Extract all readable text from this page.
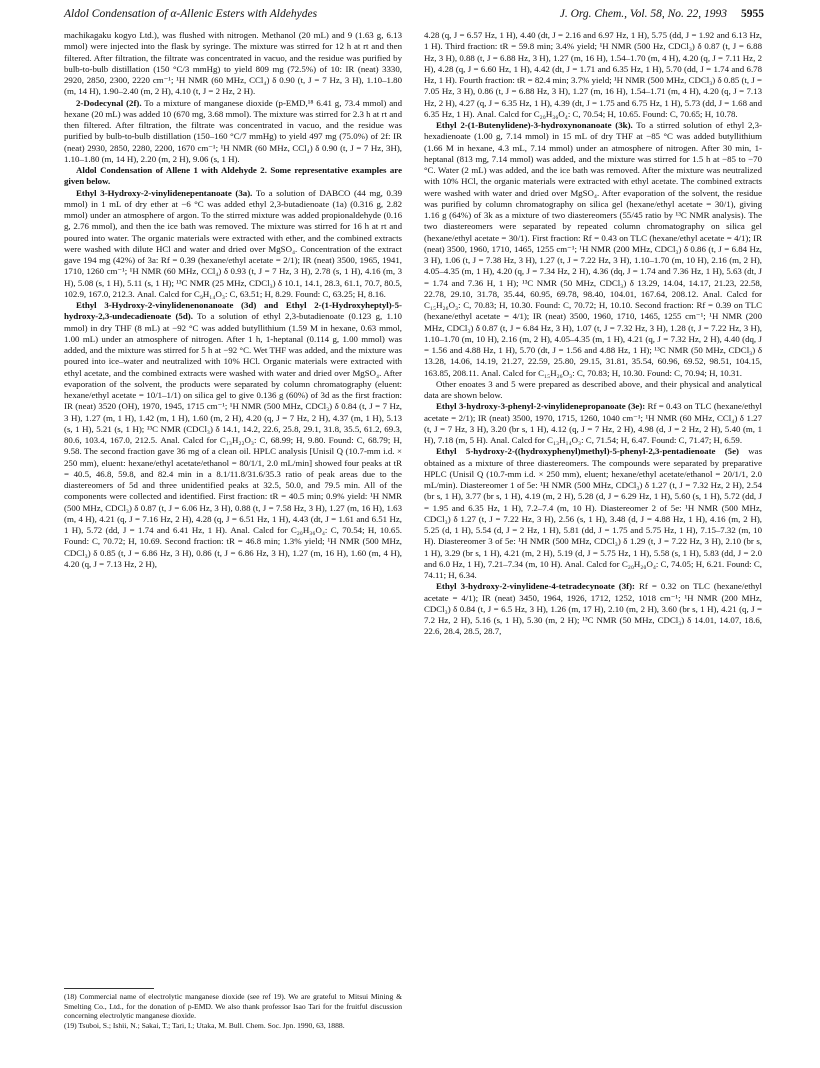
Aldol Condensation of α-Allenic Esters with Aldehydes	J. Org. Chem., Vol. 58, No. 22, 1993 5955

machikagaku kogyo Ltd.), was flushed with nitrogen. Methanol (20 mL) and 9 (1.63 g, 6.13 mmol) were injected into the flask by syringe. The mixture was stirred for 12 h at rt and then filtered. After filtration, the filtrate was concentrated in vacuo, and the residue was purified by bulb-to-bulb distillation (150 °C/3 mmHg) to yield 809 mg (72.5%) of 10: IR (neat) 3330, 2920, 2850, 2300, 2220 cm⁻¹; ¹H NMR (60 MHz, CCl₄) δ 0.90 (t, J = 7 Hz, 3 H), 1.10–1.80 (m, 14 H), 1.90–2.40 (m, 2 H), 4.10 (t, J = 2 Hz, 2 H).

2-Dodecynal (2f). To a mixture of manganese dioxide (p-EMD,¹⁸ 6.41 g, 73.4 mmol) and hexane (20 mL) was added 10 (670 mg, 3.68 mmol). The mixture was stirred for 2.3 h at rt and then filtered. After filtration, the filtrate was concentrated in vacuo, and the residue was purified by bulb-to-bulb distillation (150–160 °C/7 mmHg) to yield 497 mg (75.0%) of 2f: IR (neat) 2930, 2850, 2280, 2200, 1670 cm⁻¹; ¹H NMR (60 MHz, CCl₄) δ 0.90 (t, J = 7 Hz, 3H), 1.10–1.80 (m, 14 H), 2.20 (m, 2 H), 9.06 (s, 1 H).

Aldol Condensation of Allene 1 with Aldehyde 2. Some representative examples are given below.

Ethyl 3-Hydroxy-2-vinylidenepentanoate (3a). To a solution of DABCO (44 mg, 0.39 mmol) in 1 mL of dry ether at −6 °C was added ethyl 2,3-butadienoate (1a) (0.316 g, 2.82 mmol) under an atmosphere of argon. To the stirred mixture was added propionaldehyde (0.16 g, 2.76 mmol), and then the ice bath was removed. The mixture was stirred for 16 h at rt and poured into water. The organic materials were extracted with ether, and the combined extracts were washed with dilute HCl and water and dried over MgSO₄. Concentration of the extract gave 194 mg (42%) of 3a: Rf = 0.39 (hexane/ethyl acetate = 2/1); IR (neat) 3500, 1965, 1941, 1710, 1260 cm⁻¹; ¹H NMR (60 MHz, CCl₄) δ 0.93 (t, J = 7 Hz, 3 H), 2.78 (s, 1 H), 4.16 (m, 3 H), 5.08 (s, 1 H), 5.11 (s, 1 H); ¹³C NMR (25 MHz, CDCl₃) δ 10.1, 14.1, 28.3, 61.1, 70.7, 80.5, 102.9, 167.0, 212.3. Anal. Calcd for C₉H₁₄O₃: C, 63.51; H, 8.29. Found: C, 63.25; H, 8.16.

Ethyl 3-Hydroxy-2-vinylidenenonanoate (3d) and Ethyl 2-(1-Hydroxyheptyl)-5-hydroxy-2,3-undecadienoate (5d). To a solution of ethyl 2,3-butadienoate (0.123 g, 1.10 mmol) in dry THF (8 mL) at −92 °C was added butyllithium (1.59 M in hexane, 0.63 mmol, 1.00 mL) under an atmosphere of nitrogen. After 1 h, 1-heptanal (0.114 g, 1.00 mmol) was added, and the mixture was stirred for 5 h at −92 °C. Wet THF was added, and the mixture was poured into ice–water and neutralized with 10% HCl. Organic materials were extracted with ethyl acetate, and the combined extracts were washed with water and dried over MgSO₄. After evaporation of the solvent, the products were separated by column chromatography (eluent: hexane/ethyl acetate = 10/1–1/1) on silica gel to give 0.136 g (60%) of 3d as the first fraction: IR (neat) 3520 (OH), 1970, 1945, 1715 cm⁻¹; ¹H NMR (500 MHz, CDCl₃) δ 0.84 (t, J = 7 Hz, 3 H), 1.27 (m, 1 H), 1.42 (m, 1 H), 1.60 (m, 2 H), 4.20 (q, J = 7 Hz, 2 H), 4.37 (m, 1 H), 5.13 (s, 1 H), 5.21 (s, 1 H); ¹³C NMR (CDCl₃) δ 14.1, 14.2, 22.6, 25.8, 29.1, 31.8, 35.5, 61.2, 69.3, 80.6, 103.4, 167.0, 212.5. Anal. Calcd for C₁₃H₂₂O₃: C, 68.99; H, 9.80. Found: C, 68.79; H, 9.58. The second fraction gave 36 mg of a clean oil. HPLC analysis [Unisil Q (10.7-mm i.d. × 250 mm), eluent: hexane/ethyl acetate/ethanol = 80/1/1, 2.0 mL/min] showed four peaks at tR = 40.5, 46.8, 59.8, and 82.4 min in a 8.1/11.8/31.6/35.3 ratio of peak areas due to the diastereomers of 5d and three unidentified peaks at 32.5, 50.0, and 79.5 min. All of the components were collected and identified. First fraction: tR = 40.5 min; 0.9% yield: ¹H NMR (500 MHz, CDCl₃) δ 0.87 (t, J = 6.06 Hz, 3 H), 0.88 (t, J = 7.58 Hz, 3 H), 1.27 (m, 16 H), 1.63 (m, 4 H), 4.21 (q, J = 7.16 Hz, 2 H), 4.28 (q, J = 6.51 Hz, 1 H), 4.43 (dt, J = 1.61 and 6.51 Hz, 1 H), 5.72 (dd, J = 1.74 and 6.41 Hz, 1 H). Anal. Calcd for C₂₀H₃₆O₄: C, 70.54; H, 10.65. Found: C, 70.72; H, 10.69. Second fraction: tR = 46.8 min; 1.3% yield; ¹H NMR (500 MHz, CDCl₃) δ 0.85 (t, J = 6.86 Hz, 3 H), 0.86 (t, J = 6.86 Hz, 3 H), 1.27 (m, 16 H), 1.60 (m, 4 H), 4.20 (q, J = 7.13 Hz, 2 H),

4.28 (q, J = 6.57 Hz, 1 H), 4.40 (dt, J = 2.16 and 6.97 Hz, 1 H), 5.75 (dd, J = 1.92 and 6.13 Hz, 1 H). Third fraction: tR = 59.8 min; 3.4% yield; ¹H NMR (500 Hz, CDCl₃) δ 0.87 (t, J = 6.88 Hz, 3 H), 0.88 (t, J = 6.88 Hz, 3 H), 1.27 (m, 16 H), 1.54–1.70 (m, 4 H), 4.20 (q, J = 7.11 Hz, 2 H), 4.28 (q, J = 6.60 Hz, 1 H), 4.42 (dt, J = 1.71 and 6.35 Hz, 1 H), 5.70 (dd, J = 1.74 and 6.78 Hz, 1 H). Fourth fraction: tR = 82.4 min; 3.7% yield; ¹H NMR (500 MHz, CDCl₃) δ 0.85 (t, J = 7.05 Hz, 3 H), 0.86 (t, J = 6.88 Hz, 3 H), 1.27 (m, 16 H), 1.54–1.71 (m, 4 H), 4.20 (q, J = 7.13 Hz, 2 H), 4.27 (q, J = 6.35 Hz, 1 H), 4.39 (dt, J = 1.75 and 6.75 Hz, 1 H), 5.73 (dd, J = 1.68 and 6.35 Hz, 1 H). Anal. Calcd for C₂₀H₃₆O₄: C, 70.54; H, 10.65. Found: C, 70.65; H, 10.78.

Ethyl 2-(1-Butenylidene)-3-hydroxynonanoate (3k). To a stirred solution of ethyl 2,3-hexadienoate (1.00 g, 7.14 mmol) in 15 mL of dry THF at −85 °C was added butyllithium (1.66 M in hexane, 4.3 mL, 7.14 mmol) under an atmosphere of nitrogen. After 30 min, 1-heptanal (813 mg, 7.14 mmol) was added, and the mixture was stirred for 1.5 h at −85 to −70 °C. Water (2 mL) was added, and the ice bath was removed. After the mixture was neutralized with 10% HCl, the organic materials were extracted with ethyl acetate. The combined extracts were washed with water and dried over MgSO₄. After evaporation of the solvent, the residue was purified by column chromatography on silica gel (hexane/ethyl acetate = 30/1), giving 1.16 g (64%) of 3k as a mixture of two diastereomers (55/45 ratio by ¹³C NMR analysis). The two diastereomers were separated by repeated column chromatography on silica gel (hexane/ethyl acetate = 30/1). First fraction: Rf = 0.43 on TLC (hexane/ethyl acetate = 4/1); IR (neat) 3500, 1960, 1710, 1465, 1255 cm⁻¹; ¹H NMR (200 MHz, CDCl₃) δ 0.86 (t, J = 6.84 Hz, 3 H), 1.06 (t, J = 7.38 Hz, 3 H), 1.27 (t, J = 7.22 Hz, 3 H), 1.10–1.70 (m, 10 H), 2.16 (m, 2 H), 4.05–4.35 (m, 1 H), 4.20 (q, J = 7.34 Hz, 2 H), 4.36 (dq, J = 1.74 and 7.36 Hz, 1 H), 5.63 (dt, J = 1.74 and 7.36 H, 1 H); ¹³C NMR (50 MHz, CDCl₃) δ 13.29, 14.04, 14.17, 21.23, 22.58, 22.78, 29.10, 31.78, 35.44, 60.95, 69.78, 98.40, 104.01, 167.64, 208.12. Anal. Calcd for C₁₅H₂₆O₃: C, 70.83; H, 10.30. Found: C, 70.72; H, 10.10. Second fraction: Rf = 0.39 on TLC (hexane/ethyl acetate = 4/1); IR (neat) 3500, 1960, 1710, 1465, 1255 cm⁻¹; ¹H NMR (200 MHz, CDCl₃) δ 0.87 (t, J = 6.84 Hz, 3 H), 1.07 (t, J = 7.32 Hz, 3 H), 1.28 (t, J = 7.22 Hz, 3 H), 1.10–1.70 (m, 10 H), 2.16 (m, 2 H), 4.05–4.35 (m, 1 H), 4.21 (q, J = 7.32 Hz, 2 H), 4.40 (dq, J = 1.56 and 4.88 Hz, 1 H), 5.70 (dt, J = 1.56 and 4.88 Hz, 1 H); ¹³C NMR (50 MHz, CDCl₃) δ 13.28, 14.06, 14.19, 21.27, 22.59, 25.80, 29.15, 31.81, 35.54, 60.96, 69.52, 98.51, 104.15, 163.85, 208.11. Anal. Calcd for C₁₅H₂₆O₃: C, 70.83; H, 10.30. Found: C, 70.94; H, 10.31.

Other enoates 3 and 5 were prepared as described above, and their physical and analytical data are shown below.

Ethyl 3-hydroxy-3-phenyl-2-vinylidenepropanoate (3e): Rf = 0.43 on TLC (hexane/ethyl acetate = 2/1); IR (neat) 3500, 1970, 1715, 1260, 1040 cm⁻¹; ¹H NMR (60 MHz, CCl₄) δ 1.27 (t, J = 7 Hz, 3 H), 3.20 (br s, 1 H), 4.12 (q, J = 7 Hz, 2 H), 4.98 (d, J = 2 Hz, 2 H), 5.40 (m, 1 H), 7.18 (m, 5 H). Anal. Calcd for C₁₃H₁₄O₃: C, 71.54; H, 6.47. Found: C, 71.47; H, 6.59.

Ethyl 5-hydroxy-2-((hydroxyphenyl)methyl)-5-phenyl-2,3-pentadienoate (5e) was obtained as a mixture of three diastereomers. The compounds were separated by preparative HPLC (Unisil Q (10.7-mm i.d. × 250 mm), eluent; hexane/ethyl acetate/ethanol = 20/1/1, 2.0 mL/min). Diastereomer 1 of 5e: ¹H NMR (500 MHz, CDCl₃) δ 1.27 (t, J = 7.32 Hz, 2 H), 2.54 (br s, 1 H), 3.77 (br s, 1 H), 4.19 (m, 2 H), 5.28 (d, J = 6.29 Hz, 1 H), 5.60 (s, 1 H), 5.72 (dd, J = 1.95 and 6.35 Hz, 1 H), 7.2–7.4 (m, 10 H). Diastereomer 2 of 5e: ¹H NMR (500 MHz, CDCl₃) δ 1.27 (t, J = 7.22 Hz, 3 H), 2.56 (s, 1 H), 3.48 (d, J = 4.88 Hz, 1 H), 4.16 (m, 2 H), 5.25 (d, 1 H), 5.54 (d, J = 2 Hz, 1 H), 5.81 (dd, J = 1.75 and 5.75 Hz, 1 H), 7.15–7.32 (m, 10 H). Diastereomer 3 of 5e: ¹H NMR (500 MHz, CDCl₃) δ 1.29 (t, J = 7.22 Hz, 3 H), 2.10 (br s, 1 H), 3.29 (br s, 1 H), 4.21 (m, 2 H), 5.19 (d, J = 5.75 Hz, 1 H), 5.58 (s, 1 H), 5.83 (dd, J = 2.0 and 6.0 Hz, 1 H), 7.21–7.34 (m, 10 H). Anal. Calcd for C₂₀H₂₀O₄: C, 74.05; H, 6.21. Found: C, 74.11; H, 6.34.

Ethyl 3-hydroxy-2-vinylidene-4-tetradecynoate (3f): Rf = 0.32 on TLC (hexane/ethyl acetate = 4/1); IR (neat) 3450, 1964, 1926, 1712, 1252, 1018 cm⁻¹; ¹H NMR (200 MHz, CDCl₃) δ 0.84 (t, J = 6.5 Hz, 3 H), 1.26 (m, 17 H), 2.10 (m, 2 H), 3.60 (br s, 1 H), 4.21 (q, J = 7.2 Hz, 2 H), 5.16 (s, 1 H), 5.30 (m, 2 H); ¹³C NMR (50 MHz, CDCl₃) δ 14.01, 14.07, 18.6, 22.6, 28.4, 28.5, 28.7,

(18) Commercial name of electrolytic manganese dioxide (see ref 19). We are grateful to Mitsui Mining & Smelting Co., Ltd., for the donation of p-EMD. We also thank professor Isao Tari for the fruitful discussion concerning electrolytic manganese dioxide.

(19) Tsuboi, S.; Ishii, N.; Sakai, T.; Tari, I.; Utaka, M. Bull. Chem. Soc. Jpn. 1990, 63, 1888.
